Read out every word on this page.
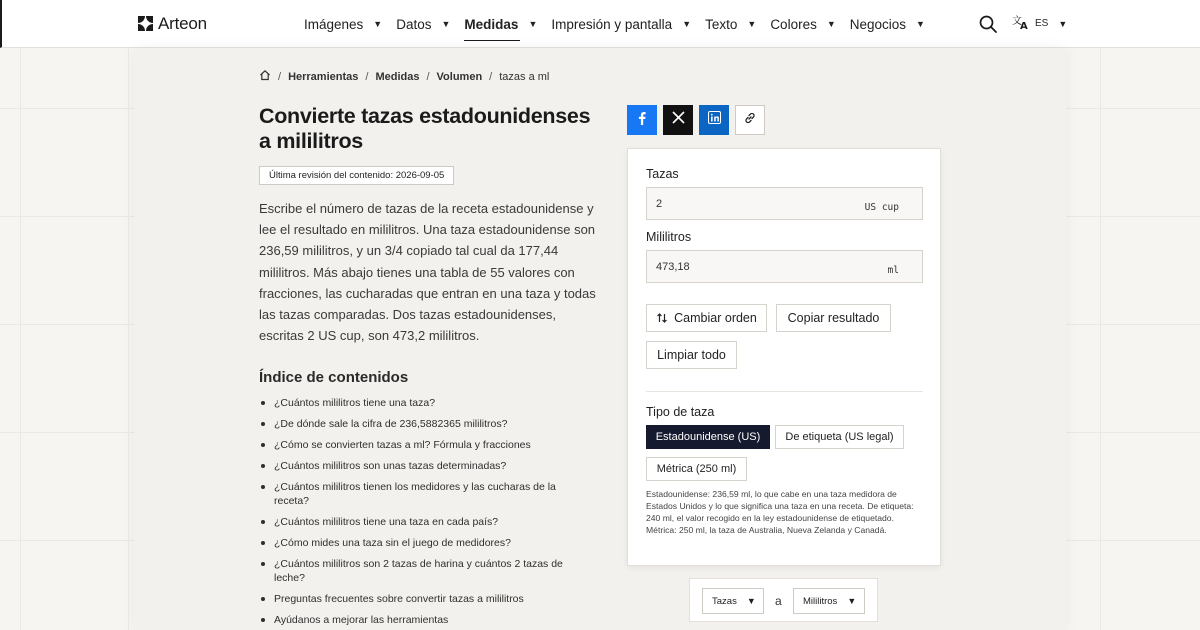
Arteon	Imágenes ▼ Datos ▼ Medidas ▼ Impresión y pantalla ▼ Texto ▼ Colores ▼ Negocios ▼	文
A ES ▼
/ Herramientas / Medidas / Volumen / tazas a ml
Convierte tazas estadounidenses a mililitros
Última revisión del contenido: 2026-09-05

Escribe el número de tazas de la receta estadounidense y lee el resultado en mililitros. Una taza estadounidense son 236,59 mililitros, y un 3/4 copiado tal cual da 177,44 mililitros. Más abajo tienes una tabla de 55 valores con fracciones, las cucharadas que entran en una taza y todas las tazas comparadas. Dos tazas estadounidenses, escritas 2 US cup, son 473,2 mililitros.

Índice de contenidos
¿Cuántos mililitros tiene una taza?
¿De dónde sale la cifra de 236,5882365 mililitros?
¿Cómo se convierten tazas a ml? Fórmula y fracciones
¿Cuántos mililitros son unas tazas determinadas?
¿Cuántos mililitros tienen los medidores y las cucharas de la receta?
¿Cuántos mililitros tiene una taza en cada país?
¿Cómo mides una taza sin el juego de medidores?
¿Cuántos mililitros son 2 tazas de harina y cuántos 2 tazas de leche?
Preguntas frecuentes sobre convertir tazas a mililitros
Ayúdanos a mejorar las herramientas
Tazas
2	US cup
Mililitros
473,18	ml
Cambiar orden	Copiar resultado
Limpiar todo
Tipo de taza
Estadounidense (US)	De etiqueta (US legal)
Métrica (250 ml)

Estadounidense: 236,59 ml, lo que cabe en una taza medidora de Estados Unidos y lo que significa una taza en una receta. De etiqueta: 240 ml, el valor recogido en la ley estadounidense de etiquetado. Métrica: 250 ml, la taza de Australia, Nueva Zelanda y Canadá.

Tazas ▼ a Mililitros ▼
